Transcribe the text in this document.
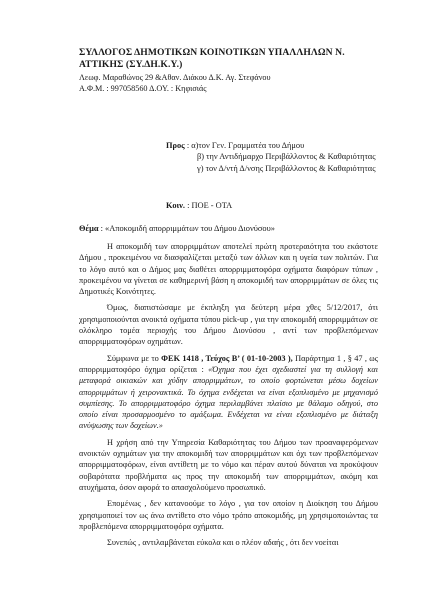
ΣΥΛΛΟΓΟΣ ΔΗΜΟΤΙΚΩΝ ΚΟΙΝΟΤΙΚΩΝ ΥΠΑΛΛΗΛΩΝ Ν. ΑΤΤΙΚΗΣ (ΣΥ.ΔΗ.Κ.Υ.)
Λεωφ. Μαραθώνος 29 &Αθαν. Διάκου Δ.Κ. Αγ. Στεφάνου
Α.Φ.Μ. : 997058560 Δ.ΟΥ. : Κηφισιάς
Προς : α)τον Γεν. Γραμματέα του Δήμου
β) την Αντιδήμαρχο Περιβάλλοντος & Καθαριότητας γ) τον Δ/ντή Δ/νσης Περιβάλλοντος & Καθαριότητας
Κοιν. : ΠΟΕ - ΟΤΑ
Θέμα : «Αποκομιδή απορριμμάτων του Δήμου Διονύσου»

Η αποκομιδή των απορριμμάτων αποτελεί πρώτη προτεραιότητα του εκάστοτε Δήμου , προκειμένου να διασφαλίζεται μεταξύ των άλλων και η υγεία των πολιτών. Για το λόγο αυτό και ο Δήμος μας διαθέτει απορριμματοφόρα οχήματα διαφόρων τύπων , προκειμένου να γίνεται σε καθημερινή βάση η αποκομιδή των απορριμμάτων σε όλες τις Δημοτικές Κοινότητες.

Όμως, διαπιστώσαμε με έκπληξη για δεύτερη μέρα χθες 5/12/2017, ότι χρησιμοποιούνται ανοικτά οχήματα τύπου pick-up , για την αποκομιδή απορριμμάτων σε ολόκληρο τομέα περιοχής του Δήμου Διονύσου , αντί των προβλεπόμενων απορριμματοφόρων οχημάτων.

Σύμφωνα με το ΦΕΚ 1418 , Τεύχος Β’ ( 01-10-2003 ), Παράρτημα 1 , § 47 , ως απορριμματοφόρο όχημα ορίζεται : «Όχημα που έχει σχεδιαστεί για τη συλλογή και μεταφορά οικιακών και χύδην απορριμμάτων, το οποίο φορτώνεται μέσω δοχείων απορριμμάτων ή χειρονακτικά. Το όχημα ενδέχεται να είναι εξοπλισμένο με μηχανισμό συμπίεσης. Το απορριμματοφόρο όχημα περιλαμβάνει πλαίσιο με θάλαμο οδηγού, στο οποίο είναι προσαρμοσμένο το αμάξωμα. Ενδέχεται να είναι εξοπλισμένο με διάταξη ανύψωσης των δοχείων.»

Η χρήση από την Υπηρεσία Καθαριότητας του Δήμου των προαναφερόμενων ανοικτών οχημάτων για την αποκομιδή των απορριμμάτων και όχι των προβλεπόμενων απορριμματοφόρων, είναι αντίθετη με το νόμο και πέραν αυτού δύναται να προκύψουν σοβαρότατα προβλήματα ως προς την αποκομιδή των απορριμμάτων, ακόμη και ατυχήματα, όσον αφορά το απασχολούμενο προσωπικό.

Επομένως , δεν κατανοούμε το λόγο , για τον οποίον η Διοίκηση του Δήμου χρησιμοποιεί τον ως άνω αντίθετο στο νόμο τρόπο αποκομιδής, μη χρησιμοποιώντας τα προβλεπόμενα απορριμματοφόρα οχήματα.

Συνεπώς , αντιλαμβάνεται εύκολα και ο πλέον αδαής , ότι δεν νοείται
